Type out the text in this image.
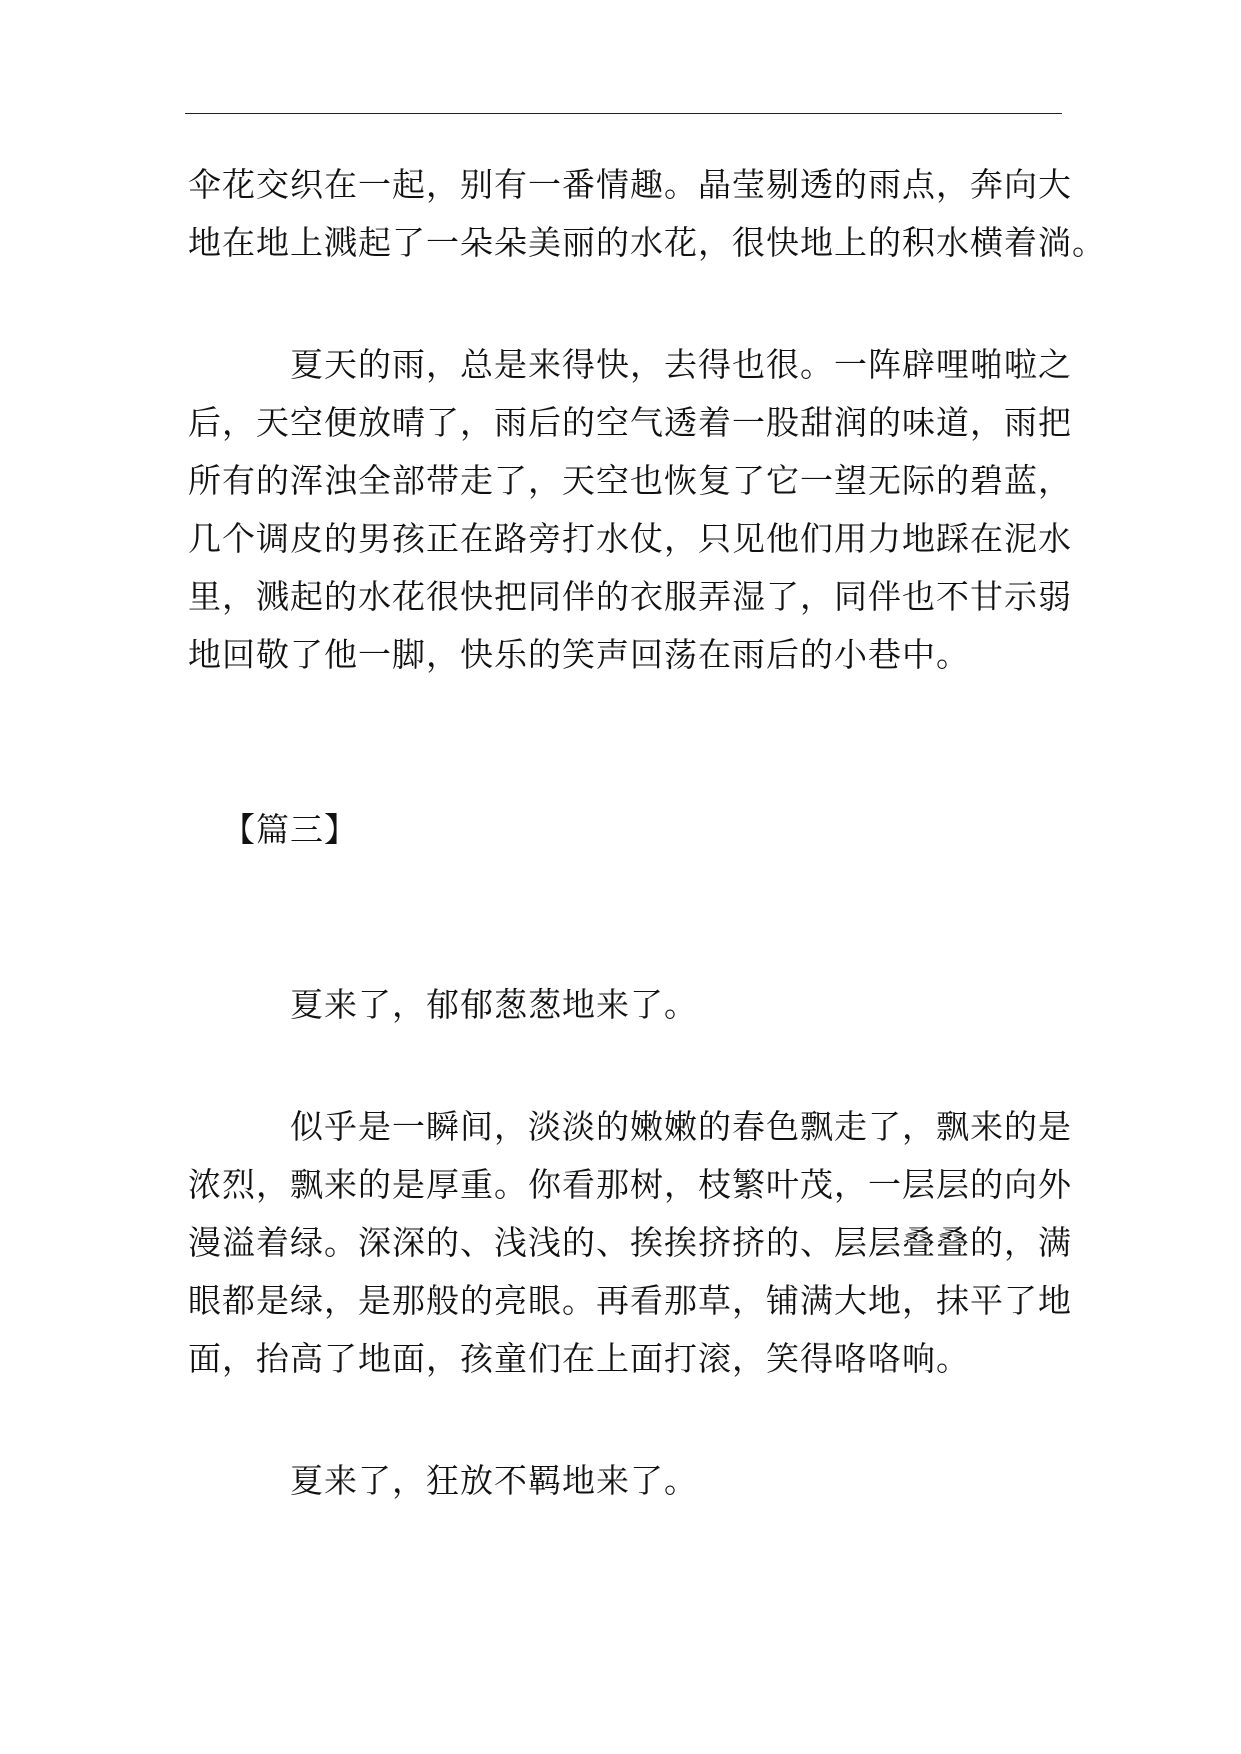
伞花交织在一起，别有一番情趣。晶莹剔透的雨点，奔向大
地在地上溅起了一朵朵美丽的水花，很快地上的积水横着淌。
夏天的雨，总是来得快，去得也很。一阵辟哩啪啦之
后，天空便放晴了，雨后的空气透着一股甜润的味道，雨把
所有的浑浊全部带走了，天空也恢复了它一望无际的碧蓝，
几个调皮的男孩正在路旁打水仗，只见他们用力地踩在泥水
里，溅起的水花很快把同伴的衣服弄湿了，同伴也不甘示弱
地回敬了他一脚，快乐的笑声回荡在雨后的小巷中。
【篇三】
夏来了，郁郁葱葱地来了。
似乎是一瞬间，淡淡的嫩嫩的春色飘走了，飘来的是
浓烈，飘来的是厚重。你看那树，枝繁叶茂，一层层的向外
漫溢着绿。深深的、浅浅的、挨挨挤挤的、层层叠叠的，满
眼都是绿，是那般的亮眼。再看那草，铺满大地，抹平了地
面，抬高了地面，孩童们在上面打滚，笑得咯咯响。
夏来了，狂放不羁地来了。
